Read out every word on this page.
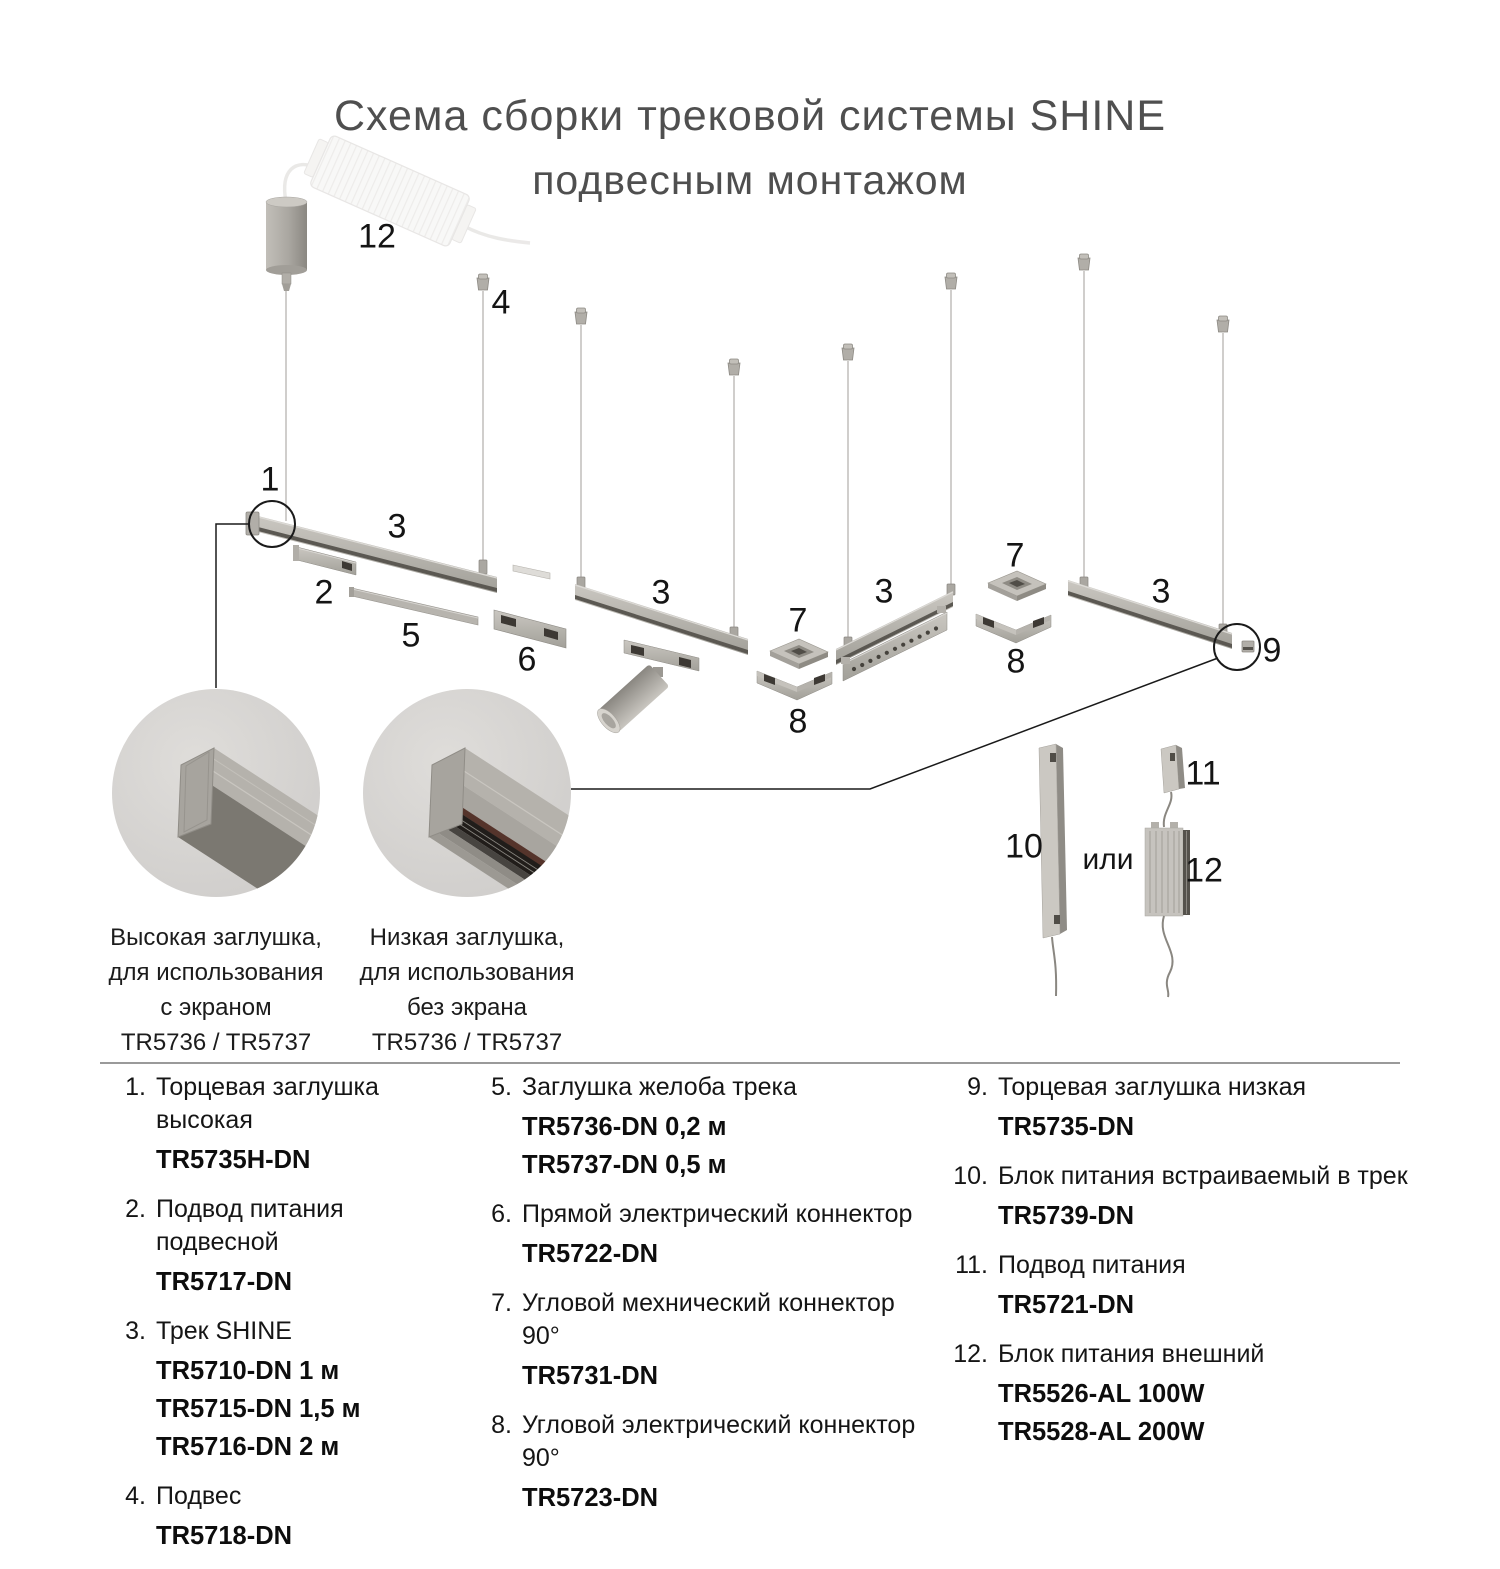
Схема сборки трековой системы SHINE
подвесным монтажом
12
4
1
3
2
5
6
3
7
8
3
7
8
3
9
10 или
11
12
Высокая заглушка,
для использования
с экраном
TR5736 / TR5737
Низкая заглушка,
для использования
без экрана
TR5736 / TR5737
1. Торцевая заглушка высокая
TR5735H-DN
2. Подвод питания подвесной
TR5717-DN
3. Трек SHINE
TR5710-DN 1 м
TR5715-DN 1,5 м
TR5716-DN 2 м
4. Подвес
TR5718-DN
5. Заглушка желоба трека
TR5736-DN 0,2 м
TR5737-DN 0,5 м
6. Прямой электрический коннектор
TR5722-DN
7. Угловой мехнический коннектор 90°
TR5731-DN
8. Угловой электрический коннектор 90°
TR5723-DN
9. Торцевая заглушка низкая
TR5735-DN
10. Блок питания встраиваемый в трек
TR5739-DN
11. Подвод питания
TR5721-DN
12. Блок питания внешний
TR5526-AL 100W
TR5528-AL 200W
